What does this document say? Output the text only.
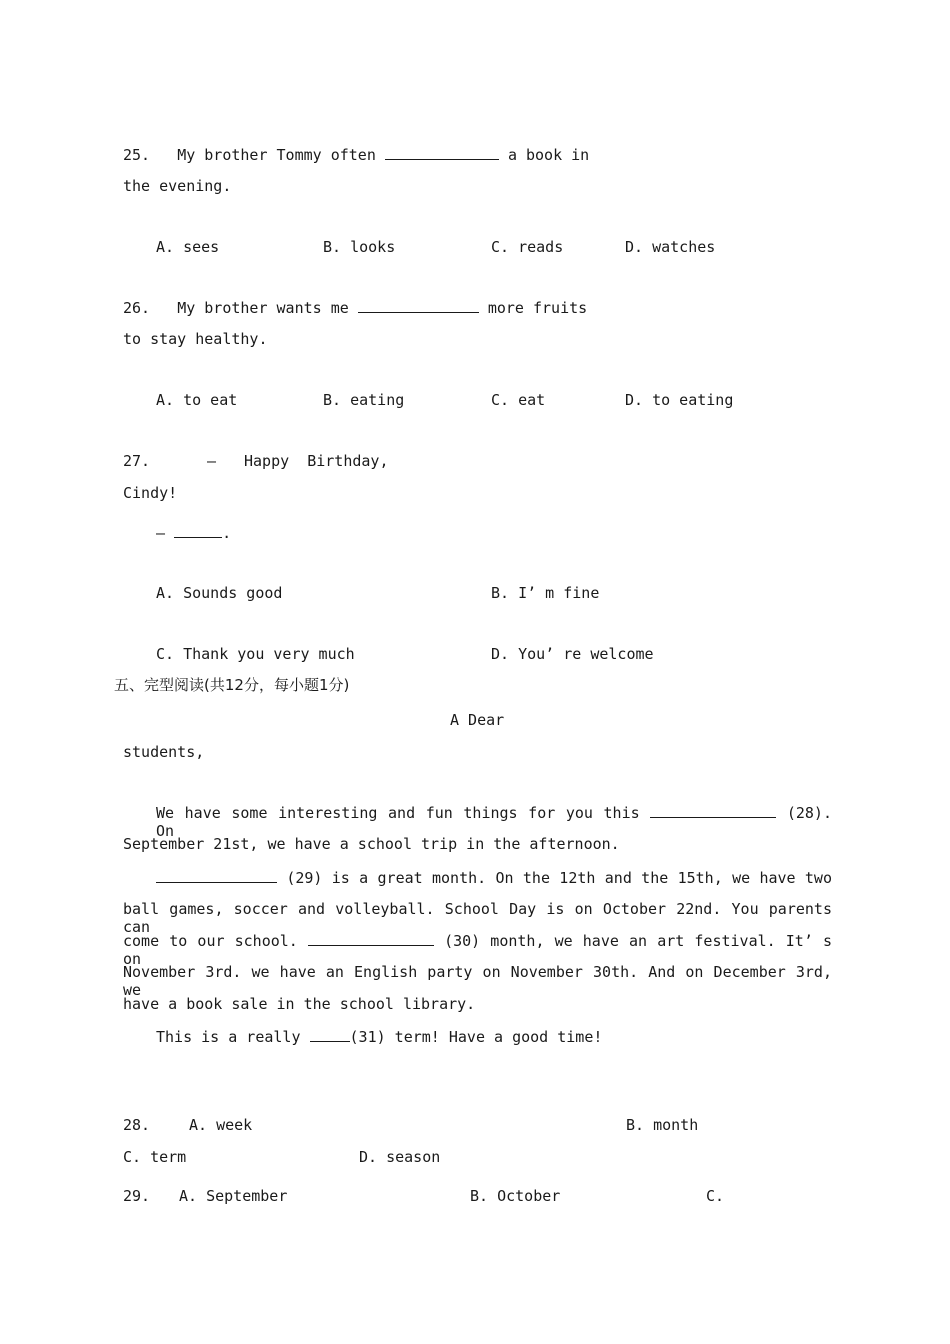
25. My brother Tommy often	a book in
the evening.
A. sees	B. looks	C. reads	D. watches
26. My brother wants me	more fruits
to stay healthy.
A. to eat	B. eating	C. eat	D. to eating
27.	— Happy  Birthday,
Cindy!
—	.
A. Sounds good	B. I’ m fine
C. Thank you very much	D. You’ re welcome
五、完型阅读(共12分，每小题1分)
A Dear
students,
We have some interesting and fun things for you this	(28). On
September 21st, we have a school trip in the afternoon.
(29) is a great month. On the 12th and the 15th, we have two
ball games, soccer and volleyball. School Day is on October 22nd. You parents can
come to our school.	(30) month, we have an art festival. It’ s on
November 3rd. we have an English party on November 30th. And on December 3rd, we
have a book sale in the school library.
This is a really	(31) term! Have a good time!
28.	A. week	B. month
C. term	D. season
29. A. September	B. October	C.
